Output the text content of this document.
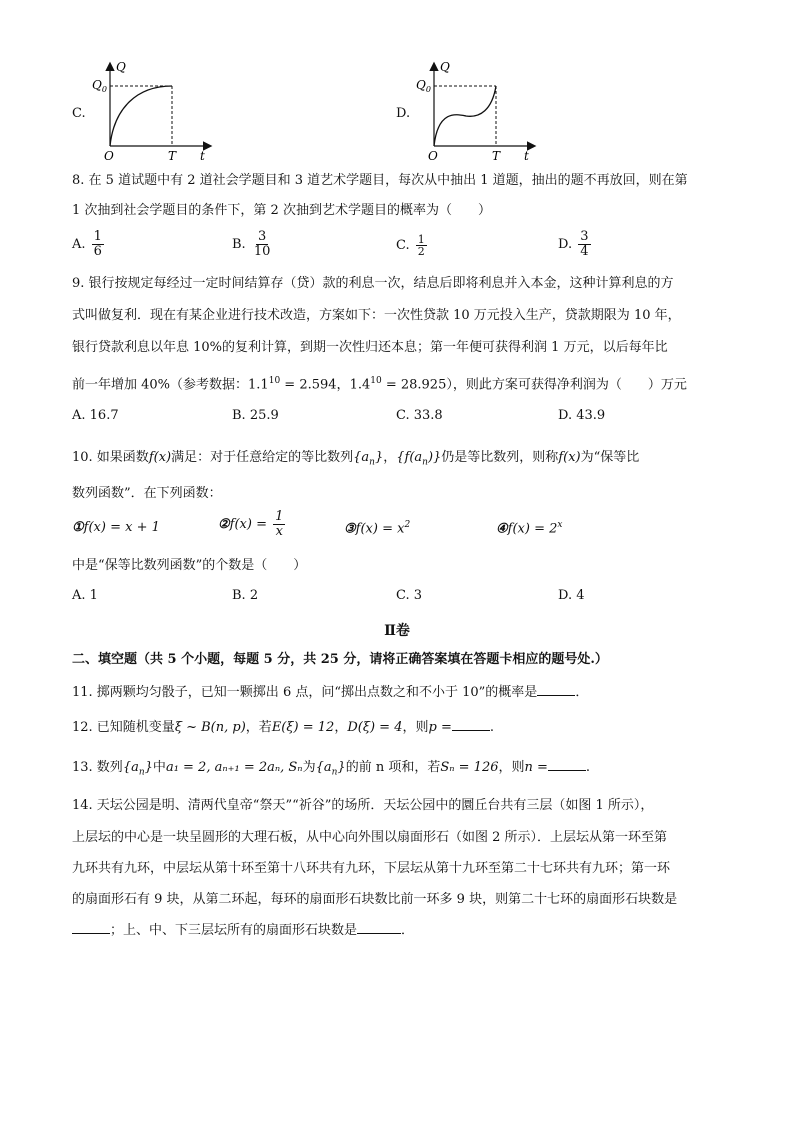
C.
Q
$Q_0$
O	T t
D.
Q
$Q_0$
O	T t
8. 在 5 道试题中有 2 道社会学题目和 3 道艺术学题目，每次从中抽出 1 道题，抽出的题不再放回，则在第
1 次抽到社会学题目的条件下，第 2 次抽到艺术学题目的概率为（　　）
A. $\frac{1}{6}$	B. $\frac{3}{10}$	C. $\frac{1}{2}$	D. $\frac{3}{4}$
9. 银行按规定每经过一定时间结算存（贷）款的利息一次，结息后即将利息并入本金，这种计算利息的方
式叫做复利．现在有某企业进行技术改造，方案如下：一次性贷款 10 万元投入生产，贷款期限为 10 年，
银行贷款利息以年息 10%的复利计算，到期一次性归还本息；第一年便可获得利润 1 万元，以后每年比
前一年增加 40%（参考数据：$1.1^{10} = 2.594$，$1.4^{10} = 28.925$），则此方案可获得净利润为（　　）万元
A. 16.7	B. 25.9	C. 33.8	D. 43.9
10. 如果函数f(x)满足：对于任意给定的等比数列$\{a_n\}$，$\{f(a_n)\}$仍是等比数列，则称f(x)为“保等比
数列函数”．在下列函数：
①f(x) = x + 1	②f(x) = $\frac{1}{x}$	③f(x) = $x^2$	④f(x) = $2^x$
中是“保等比数列函数”的个数是（　　）
A. 1	B. 2	C. 3	D. 4
Ⅱ卷
二、填空题（共 5 个小题，每题 5 分，共 25 分，请将正确答案填在答题卡相应的题号处.）
11. 掷两颗均匀骰子，已知一颗掷出 6 点，问“掷出点数之和不小于 10”的概率是	．
12. 已知随机变量ξ ~ B(n, p)，若E(ξ) = 12，D(ξ) = 4，则p =	.
13. 数列$\{a_n\}$中a₁ = 2, aₙ₊₁ = 2aₙ, Sₙ为$\{a_n\}$的前 n 项和，若Sₙ = 126，则n =	.
14. 天坛公园是明、清两代皇帝“祭天”“祈谷”的场所．天坛公园中的圜丘台共有三层（如图 1 所示），
上层坛的中心是一块呈圆形的大理石板，从中心向外围以扇面形石（如图 2 所示）．上层坛从第一环至第
九环共有九环，中层坛从第十环至第十八环共有九环，下层坛从第十九环至第二十七环共有九环；第一环
的扇面形石有 9 块，从第二环起，每环的扇面形石块数比前一环多 9 块，则第二十七环的扇面形石块数是
；上、中、下三层坛所有的扇面形石块数是	．
